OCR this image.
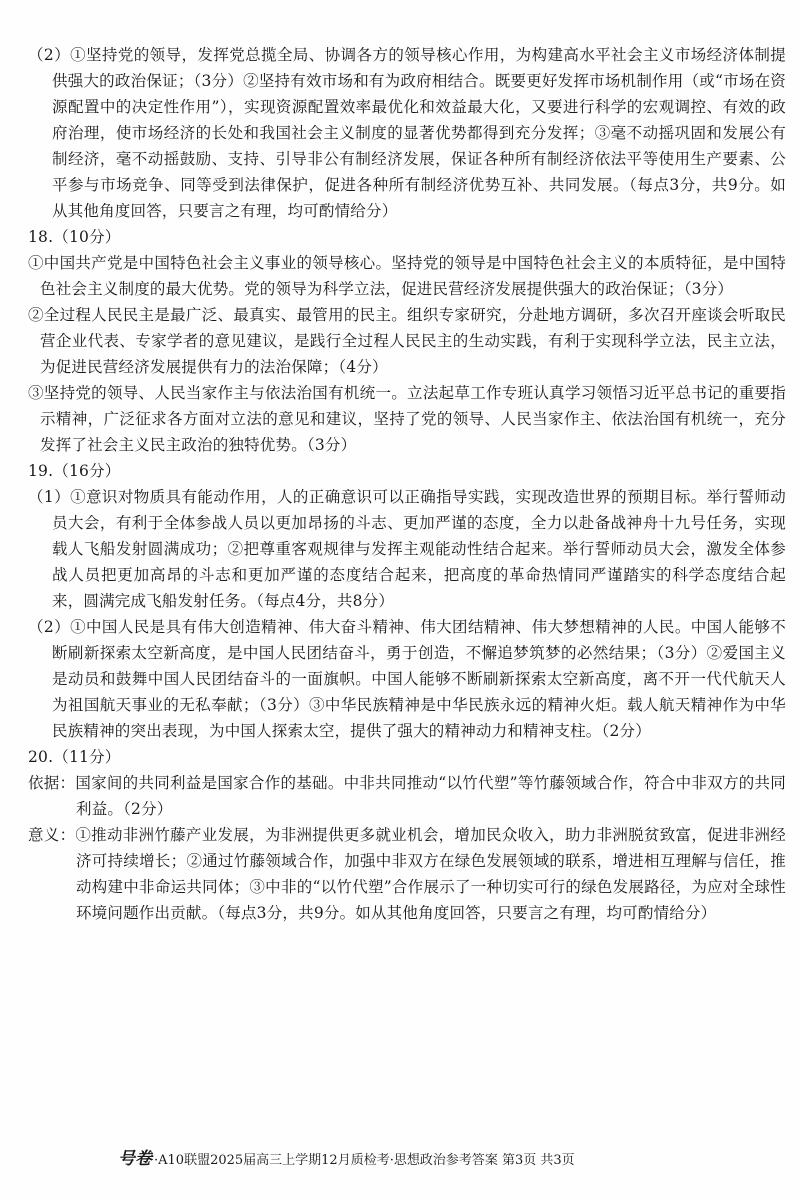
（2）①坚持党的领导，发挥党总揽全局、协调各方的领导核心作用，为构建高水平社会主义市场经济体制提供强大的政治保证；（3分）②坚持有效市场和有为政府相结合。既要更好发挥市场机制作用（或“市场在资源配置中的决定性作用”），实现资源配置效率最优化和效益最大化，又要进行科学的宏观调控、有效的政府治理，使市场经济的长处和我国社会主义制度的显著优势都得到充分发挥；③毫不动摇巩固和发展公有制经济，毫不动摇鼓励、支持、引导非公有制经济发展，保证各种所有制经济依法平等使用生产要素、公平参与市场竞争、同等受到法律保护，促进各种所有制经济优势互补、共同发展。（每点3分，共9分。如从其他角度回答，只要言之有理，均可酌情给分）

18.（10分）

①中国共产党是中国特色社会主义事业的领导核心。坚持党的领导是中国特色社会主义的本质特征，是中国特色社会主义制度的最大优势。党的领导为科学立法，促进民营经济发展提供强大的政治保证；（3分）

②全过程人民民主是最广泛、最真实、最管用的民主。组织专家研究，分赴地方调研，多次召开座谈会听取民营企业代表、专家学者的意见建议，是践行全过程人民民主的生动实践，有利于实现科学立法，民主立法，为促进民营经济发展提供有力的法治保障；（4分）

③坚持党的领导、人民当家作主与依法治国有机统一。立法起草工作专班认真学习领悟习近平总书记的重要指示精神，广泛征求各方面对立法的意见和建议，坚持了党的领导、人民当家作主、依法治国有机统一，充分发挥了社会主义民主政治的独特优势。（3分）

19.（16分）

（1）①意识对物质具有能动作用，人的正确意识可以正确指导实践，实现改造世界的预期目标。举行誓师动员大会，有利于全体参战人员以更加昂扬的斗志、更加严谨的态度，全力以赴备战神舟十九号任务，实现载人飞船发射圆满成功；②把尊重客观规律与发挥主观能动性结合起来。举行誓师动员大会，激发全体参战人员把更加高昂的斗志和更加严谨的态度结合起来，把高度的革命热情同严谨踏实的科学态度结合起来，圆满完成飞船发射任务。（每点4分，共8分）

（2）①中国人民是具有伟大创造精神、伟大奋斗精神、伟大团结精神、伟大梦想精神的人民。中国人能够不断刷新探索太空新高度，是中国人民团结奋斗，勇于创造，不懈追梦筑梦的必然结果；（3分）②爱国主义是动员和鼓舞中国人民团结奋斗的一面旗帜。中国人能够不断刷新探索太空新高度，离不开一代代航天人为祖国航天事业的无私奉献；（3分）③中华民族精神是中华民族永远的精神火炬。载人航天精神作为中华民族精神的突出表现，为中国人探索太空，提供了强大的精神动力和精神支柱。（2分）

20.（11分）

依据：国家间的共同利益是国家合作的基础。中非共同推动“以竹代塑”等竹藤领域合作，符合中非双方的共同利益。（2分）

意义：①推动非洲竹藤产业发展，为非洲提供更多就业机会，增加民众收入，助力非洲脱贫致富，促进非洲经济可持续增长；②通过竹藤领域合作，加强中非双方在绿色发展领域的联系，增进相互理解与信任，推动构建中非命运共同体；③中非的“以竹代塑”合作展示了一种切实可行的绿色发展路径，为应对全球性环境问题作出贡献。（每点3分，共9分。如从其他角度回答，只要言之有理，均可酌情给分）

号卷 ·A10联盟2025届高三上学期12月质检考·思想政治参考答案 第3页 共3页
